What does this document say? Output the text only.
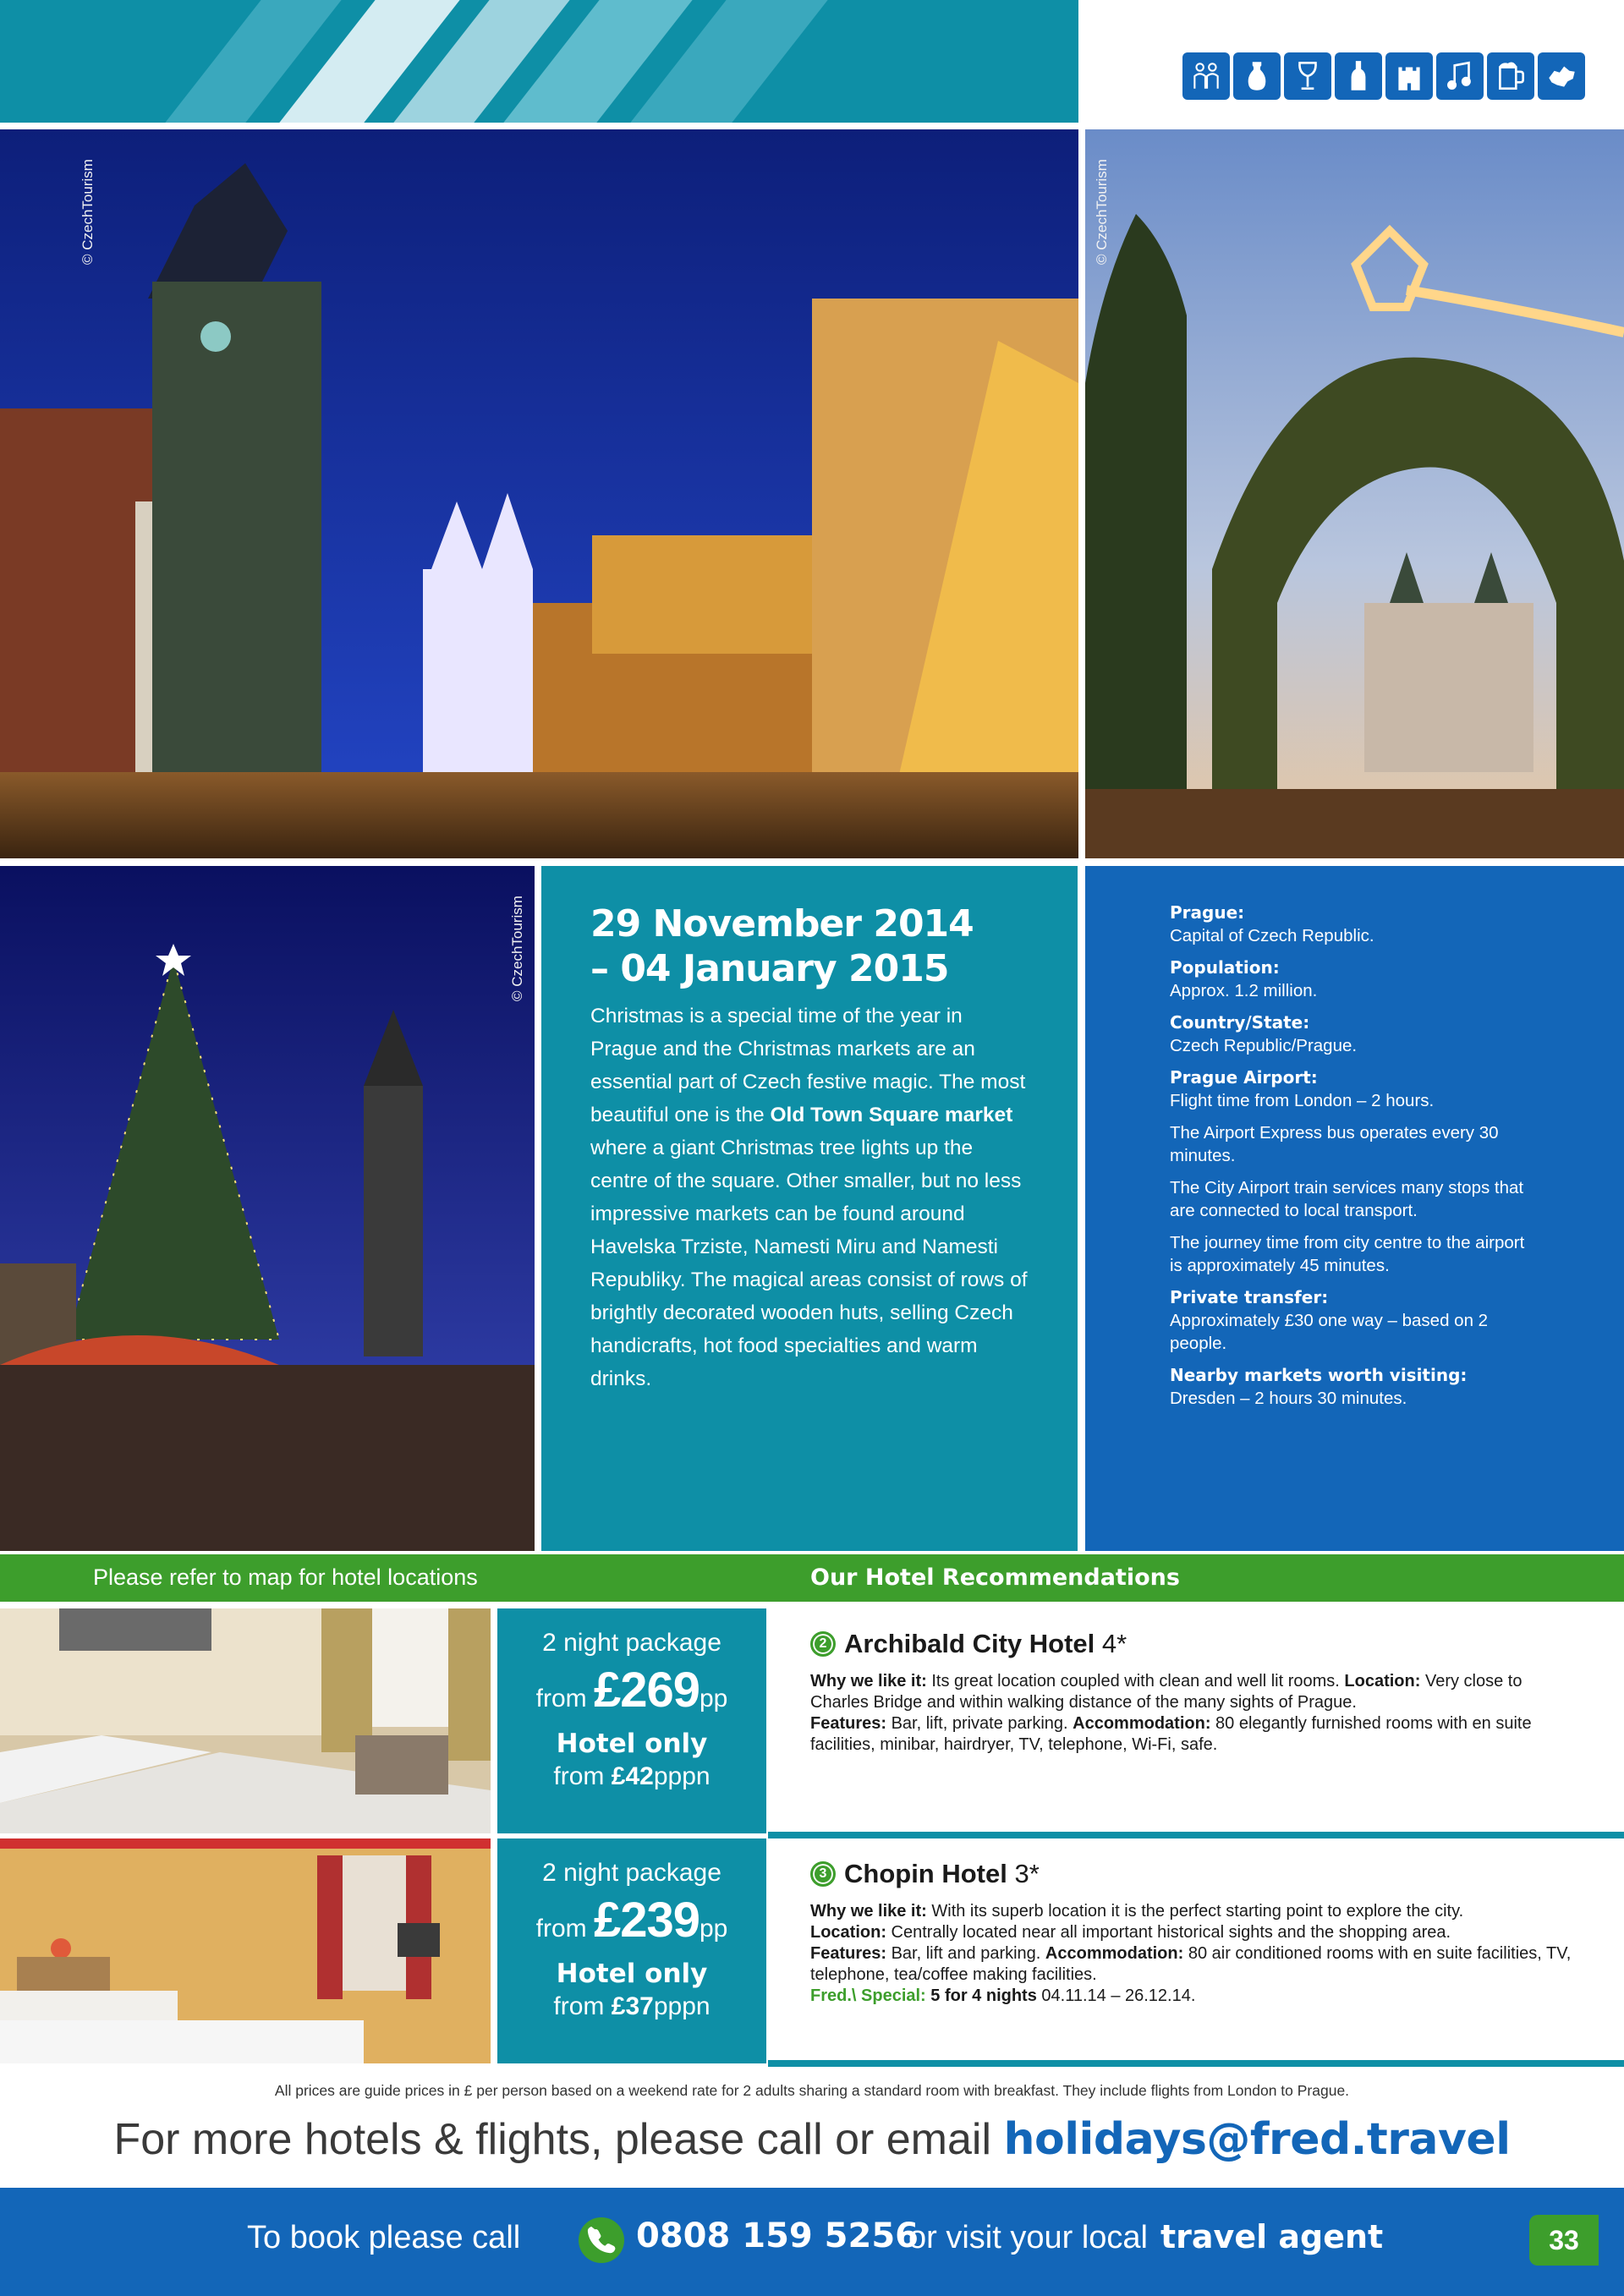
© CzechTourism	© CzechTourism
© CzechTourism 29 November 2014
– 04 January 2015

Christmas is a special time of the year in Prague and the Christmas markets are an essential part of Czech festive magic. The most beautiful one is the Old Town Square market where a giant Christmas tree lights up the centre of the square. Other smaller, but no less impressive markets can be found around Havelska Trziste, Namesti Miru and Namesti Republiky. The magical areas consist of rows of brightly decorated wooden huts, selling Czech handicrafts, hot food specialties and warm drinks.

Prague:
Capital of Czech Republic.
Population:
Approx. 1.2 million.
Country/State:
Czech Republic/Prague.
Prague Airport:
Flight time from London – 2 hours.
The Airport Express bus operates every 30 minutes.
The City Airport train services many stops that are connected to local transport.
The journey time from city centre to the airport is approximately 45 minutes.
Private transfer:
Approximately £30 one way – based on 2 people.
Nearby markets worth visiting:
Dresden – 2 hours 30 minutes.
Please refer to map for hotel locations	Our Hotel Recommendations
2 night package
from £269pp
Hotel only
from £42pppn
2 night package
from £239pp
Hotel only
from £37pppn
2 Archibald City Hotel 4*
Why we like it: Its great location coupled with clean and well lit rooms. Location: Very close to Charles Bridge and within walking distance of the many sights of Prague.
Features: Bar, lift, private parking. Accommodation: 80 elegantly furnished rooms with en suite facilities, minibar, hairdryer, TV, telephone, Wi-Fi, safe.
3 Chopin Hotel 3*
Why we like it: With its superb location it is the perfect starting point to explore the city.
Location: Centrally located near all important historical sights and the shopping area.
Features: Bar, lift and parking. Accommodation: 80 air conditioned rooms with en suite facilities, TV, telephone, tea/coffee making facilities.
Fred.\ Special: 5 for 4 nights 04.11.14 – 26.12.14.
All prices are guide prices in £ per person based on a weekend rate for 2 adults sharing a standard room with breakfast. They include flights from London to Prague.
For more hotels & flights, please call or email holidays@fred.travel
To book please call	0808 159 5256
or visit your local travel agent	33
